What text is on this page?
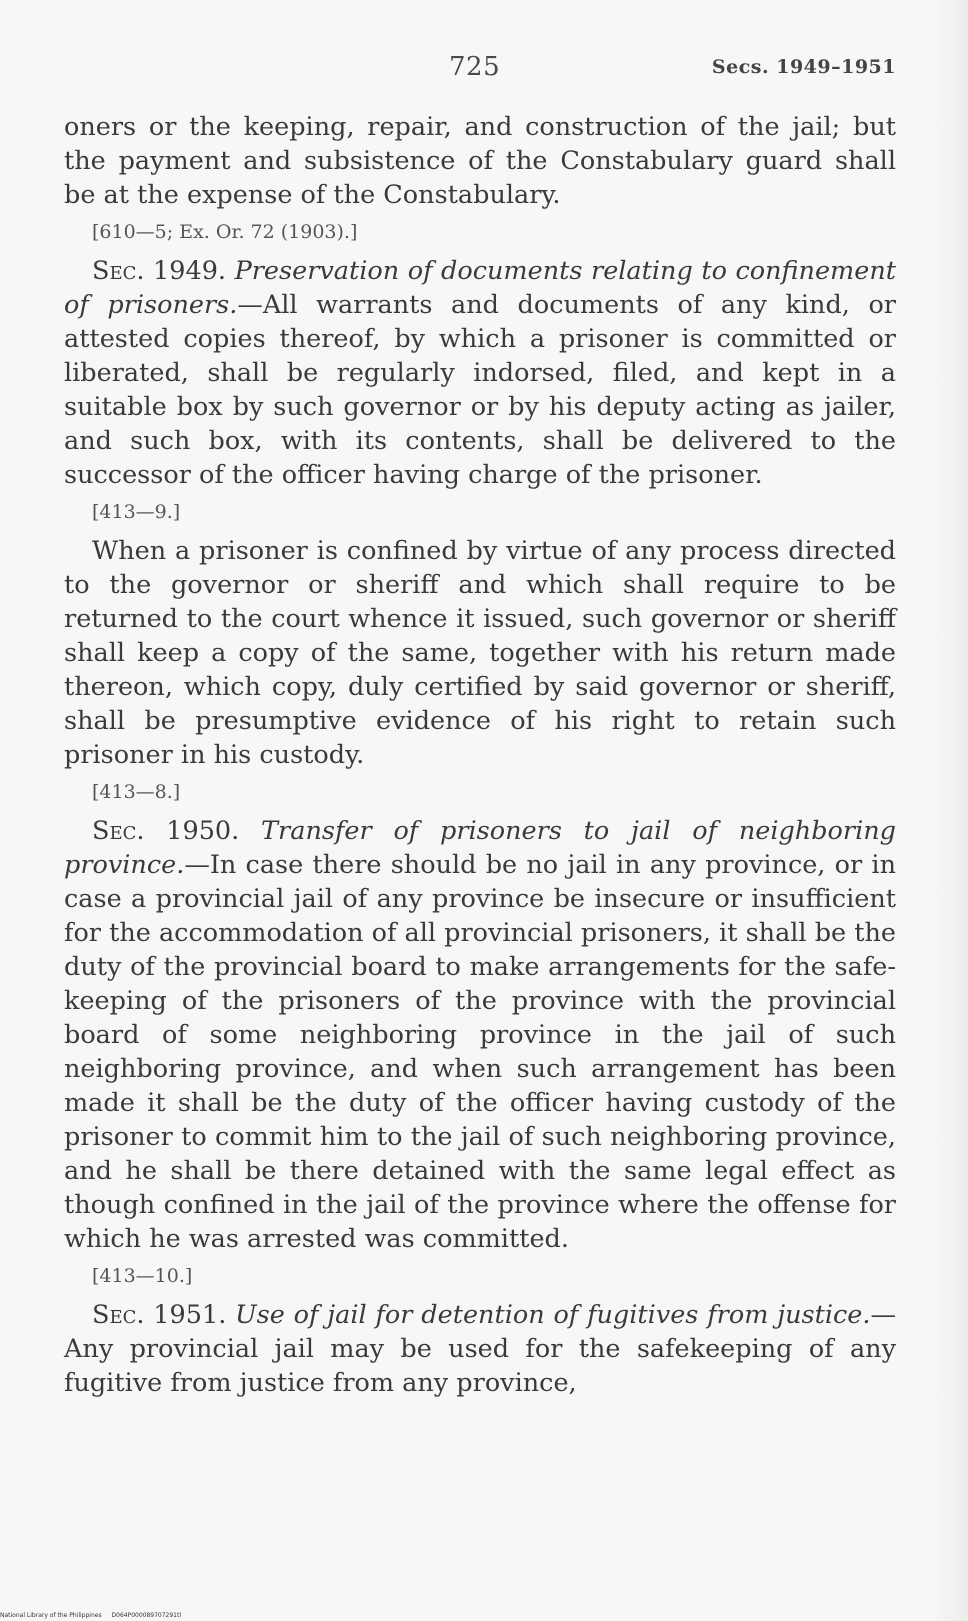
725	Secs. 1949–1951

oners or the keeping, repair, and construction of the jail; but the payment and subsistence of the Constabulary guard shall be at the expense of the Constabulary.

[610—5; Ex. Or. 72 (1903).]

Sec. 1949. Preservation of documents relating to confinement of prisoners.—All warrants and documents of any kind, or attested copies thereof, by which a prisoner is committed or liberated, shall be regularly indorsed, filed, and kept in a suitable box by such governor or by his deputy acting as jailer, and such box, with its contents, shall be delivered to the successor of the officer having charge of the prisoner.

[413—9.]

When a prisoner is confined by virtue of any process directed to the governor or sheriff and which shall require to be returned to the court whence it issued, such governor or sheriff shall keep a copy of the same, together with his return made thereon, which copy, duly certified by said governor or sheriff, shall be presumptive evidence of his right to retain such prisoner in his custody.

[413—8.]

Sec. 1950. Transfer of prisoners to jail of neighboring province.—In case there should be no jail in any province, or in case a provincial jail of any province be insecure or insufficient for the accommodation of all provincial prisoners, it shall be the duty of the provincial board to make arrangements for the safe-keeping of the prisoners of the province with the provincial board of some neighboring province in the jail of such neighboring province, and when such arrangement has been made it shall be the duty of the officer having custody of the prisoner to commit him to the jail of such neighboring province, and he shall be there detained with the same legal effect as though confined in the jail of the province where the offense for which he was arrested was committed.

[413—10.]

Sec. 1951. Use of jail for detention of fugitives from justice.—Any provincial jail may be used for the safekeeping of any fugitive from justice from any province,

National Library of the Philippines D064P000089707291tl
